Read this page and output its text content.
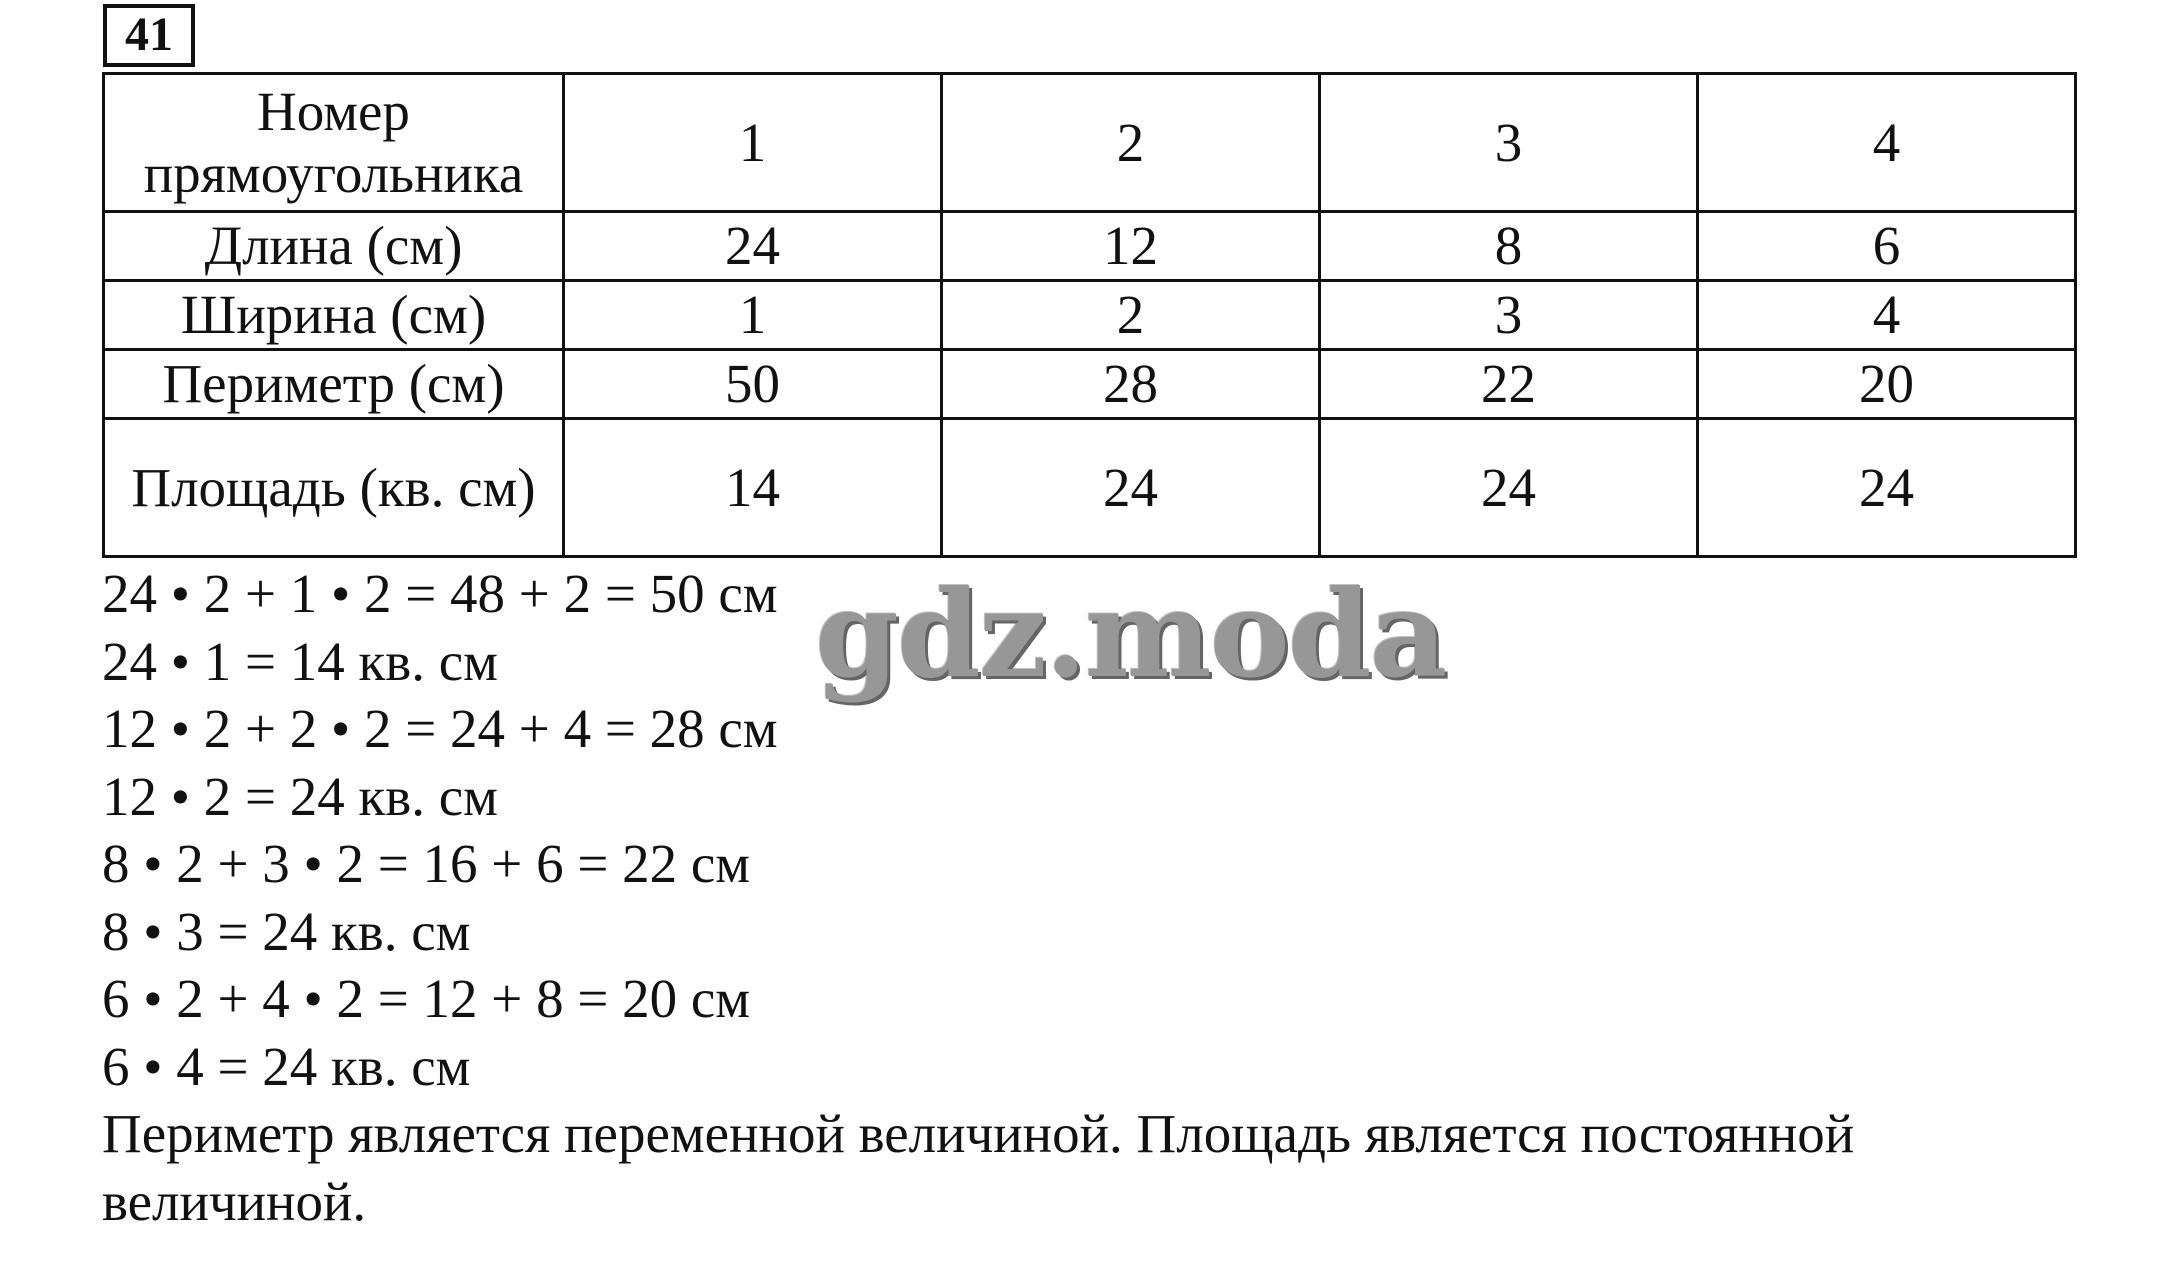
41
Номер прямоугольника	1	2	3	4
Длина (см)	24	12	8	6
Ширина (см)	1	2	3	4
Периметр (см)	50	28	22	20
Площадь (кв. см)	14	24	24	24
24 • 2 + 1 • 2 = 48 + 2 = 50 см
24 • 1 = 14 кв. см
12 • 2 + 2 • 2 = 24 + 4 = 28 см
12 • 2 = 24 кв. см
8 • 2 + 3 • 2 = 16 + 6 = 22 см
8 • 3 = 24 кв. см
6 • 2 + 4 • 2 = 12 + 8 = 20 см
6 • 4 = 24 кв. см
Периметр является переменной величиной. Площадь является постоянной величиной.
gdz.moda
